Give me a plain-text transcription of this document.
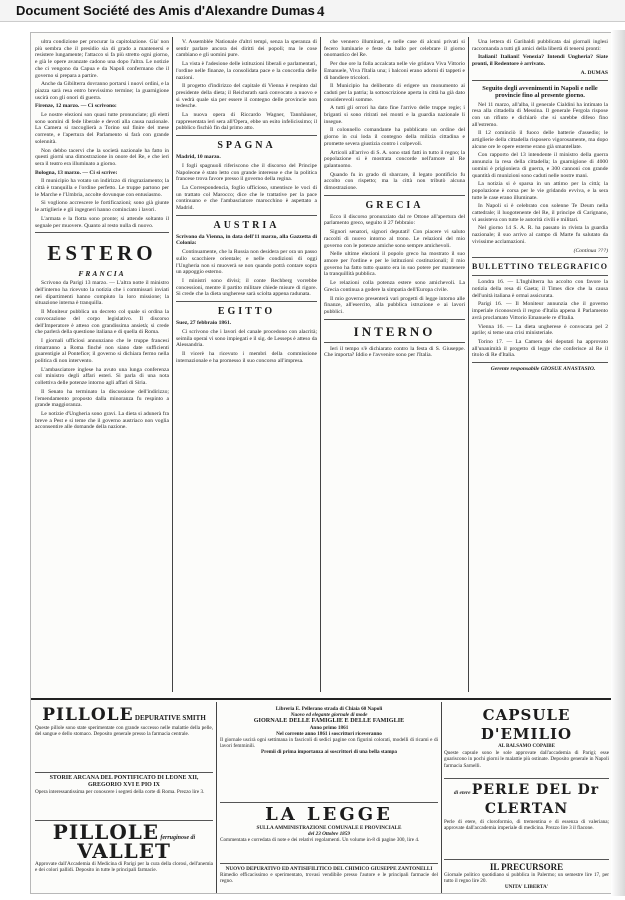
Document Société des Amis d'Alexandre Dumas 4

ultra condizione per procurar la capitolazione. Gia' non più sembra che il presidio sia di grado a mantenersi e resistere lungamente; l'attacco si fa più stretto ogni giorno, e già le opere avanzate cadono una dopo l'altra. Le notizie che ci vengono da Capua e da Napoli confermano che il governo si prepara a partire.

Anche da Gibilterra dovranno portarsi i nuovi ordini, e la piazza sarà resa entro brevissimo termine; la guarnigione uscirà con gli onori di guerra.

Firenze, 12 marzo. — Ci scrivono:

Le nostre elezioni son quasi tutte pronunciate; gli eletti sono uomini di fede liberale e devoti alla causa nazionale. La Camera si raccoglierà a Torino sul finire del mese corrente, e l'apertura del Parlamento si farà con grande solennità.

Non debbo tacervi che la società nazionale ha fatto in questi giorni una dimostrazione in onore del Re, e che ieri sera il teatro era illuminato a giorno.

Bologna, 13 marzo. — Ci si scrive:

Il municipio ha votato un indirizzo di ringraziamento; la città è tranquilla e l'ordine perfetto. Le truppe partono per le Marche e l'Umbria, accolte dovunque con entusiasmo.

Si vogliono accrescere le fortificazioni; sono già giunte le artiglierie e gli ingegneri hanno cominciato i lavori.

L'armata e la flotta sono pronte; si attende soltanto il segnale per muovere. Quanto al resto nulla di nuovo.

ESTERO

FRANCIA

Scrivono da Parigi 13 marzo. — L'altra notte il ministro dell'interno ha ricevuto la notizia che i commissari inviati nei dipartimenti hanno compiuto la loro missione; la situazione interna è tranquilla.

Il Moniteur pubblica un decreto col quale si ordina la convocazione del corpo legislativo. Il discorso dell'Imperatore è atteso con grandissima ansietà; si crede che parlerà della questione italiana e di quella di Roma.

I giornali ufficiosi annunziano che le truppe francesi rimarranno a Roma finché non siano date sufficienti guarentigie al Pontefice; il governo si dichiara fermo nella politica di non intervento.

L'ambasciatore inglese ha avuto una lunga conferenza col ministro degli affari esteri. Si parla di una nota collettiva delle potenze intorno agli affari di Siria.

Il Senato ha terminato la discussione dell'indirizzo; l'emendamento proposto dalla minoranza fu respinto a grande maggioranza.

Le notizie d'Ungheria sono gravi. La dieta si adunerà fra breve a Pest e si teme che il governo austriaco non voglia acconsentire alle domande della nazione.

V. Assemblée Nationale d'altri tempi, senza la speranza di sentir parlare ancora dei diritti dei popoli; ma le cose cambiano e gli uomini pure.

La vista è l'adesione delle istituzioni liberali e parlamentari, l'ordine nelle finanze, la consolidata pace e la concordia delle nazioni.

Il progetto d'indirizzo del capitale di Vienna è respinto dal presidente della dieta; il Reichsrath sarà convocato a nuovo e si vedrà quale sia per essere il contegno delle provincie non tedesche.

La nuova opera di Riccardo Wagner, Tannhäuser, rappresentata ieri sera all'Opera, ebbe un esito infelicissimo; il pubblico fischiò fin dal primo atto.

SPAGNA

Madrid, 10 marzo.

I fogli spagnuoli riferiscono che il discorso del Principe Napoleone è stato letto con grande interesse e che la politica francese trova favore presso il governo della regina.

La Correspondencia, foglio ufficioso, smentisce le voci di un trattato col Marocco; dice che le trattative per la pace continuano e che l'ambasciatore marocchino è aspettato a Madrid.

AUSTRIA

Scrivono da Vienna, in data dell'11 marzo, alla Gazzetta di Colonia:

Continuamente, che la Russia non desidera per ora un passo sullo scacchiere orientale; e nelle condizioni di oggi l'Ungheria non si muoverà se non quando potrà contare sopra un appoggio esterno.

I ministri sono divisi; il conte Rechberg vorrebbe concessioni, mentre il partito militare chiede misure di rigore. Si crede che la dieta ungherese sarà sciolta appena radunata.

EGITTO

Suez, 27 febbraio 1861.

Ci scrivono che i lavori del canale procedono con alacrità; seimila operai vi sono impiegati e il sig. de Lesseps è atteso da Alessandria.

Il vicerè ha ricevuto i membri della commissione internazionale e ha promesso il suo concorso all'impresa.

che vennero illuminati, e nelle case di alcuni privati si fecero luminarie e feste da ballo per celebrare il giorno onomastico del Re.

Per due ore la folla accalcata nelle vie gridava Viva Vittorio Emanuele, Viva l'Italia una; i balconi erano adorni di tappeti e di bandiere tricolori.

Il Municipio ha deliberato di erigere un monumento ai caduti per la patria; la sottoscrizione aperta in città ha già dato considerevoli somme.

A tutti gli orrori ha dato fine l'arrivo delle truppe regie; i briganti si sono ritirati nei monti e la guardia nazionale li insegue.

Il colonnello comandante ha pubblicato un ordine del giorno in cui loda il contegno della milizia cittadina e promette severa giustizia contro i colpevoli.

Articoli all'arrivo di S. A. sono stati fatti in tutto il regno; la popolazione si è mostrata concorde nell'amore al Re galantuomo.

Quando fu in grado di sbarcare, il legato pontificio fu accolto con rispetto; ma la città non tributò alcuna dimostrazione.

GRECIA

Ecco il discorso pronunziato dal re Ottone all'apertura del parlamento greco, seguito il 27 febbraio:

Signori senatori, signori deputati! Con piacere vi saluto raccolti di nuovo intorno al trono. Le relazioni del mio governo con le potenze amiche sono sempre amichevoli.

Nelle ultime elezioni il popolo greco ha mostrato il suo amore per l'ordine e per le istituzioni costituzionali; il mio governo ha fatto tutto quanto era in suo potere per mantenere la tranquillità pubblica.

Le relazioni colla potenza estere sono amichevoli. La Grecia continua a godere la simpatia dell'Europa civile.

Il mio governo presenterà vari progetti di legge intorno alle finanze, all'esercito, alla pubblica istruzione e ai lavori pubblici.

INTERNO

Ieri il tempo s'è dichiarato contro la festa di S. Giuseppe. Che importa? Iddio e l'avvenire sono per l'Italia.

Una lettera di Garibaldi pubblicata dai giornali inglesi raccomanda a tutti gli amici della libertà di tenersi pronti:

Italiani! Italiani! Venezia? Intendi Ungheria? Siate pronti, il Redentore è arrivato.

A. DUMAS

Seguito degli avvenimenti in Napoli e nelle provincie fino al presente giorno.

Nel 11 marzo, all'alba, il generale Cialdini ha intimato la resa alla cittadella di Messina. Il generale Fergola rispose con un rifiuto e dichiarò che si sarebbe difeso fino all'estremo.

Il 12 cominciò il fuoco delle batterie d'assedio; le artiglierie della cittadella risposero vigorosamente, ma dopo alcune ore le opere esterne erano già smantellate.

Con rapporto del 13 intendente il ministro della guerra annunzia la resa della cittadella; la guarnigione di 4000 uomini è prigioniera di guerra, e 300 cannoni con grande quantità di munizioni sono caduti nelle nostre mani.

La notizia si è sparsa in un attimo per la città; la popolazione è corsa per le vie gridando evviva, e la sera tutte le case erano illuminate.

In Napoli si è celebrato con solenne Te Deum nella cattedrale; il luogotenente del Re, il principe di Carignano, vi assisteva con tutte le autorità civili e militari.

Nel giorno 14 S. A. R. ha passato in rivista la guardia nazionale; il suo arrivo al campo di Marte fu salutato da vivissime acclamazioni.

(Continua ???)

BULLETTINO TELEGRAFICO

Londra 16. — L'Inghilterra ha accolto con favore la notizia della resa di Gaeta; il Times dice che la causa dell'unità italiana è ormai assicurata.

Parigi 16. — Il Moniteur annunzia che il governo imperiale riconoscerà il regno d'Italia appena il Parlamento avrà proclamato Vittorio Emanuele re d'Italia.

Vienna 16. — La dieta ungherese è convocata pel 2 aprile; si teme una crisi ministeriale.

Torino 17. — La Camera dei deputati ha approvato all'unanimità il progetto di legge che conferisce al Re il titolo di Re d'Italia.

Gerente responsabile GIOSUE ANASTASIO.

PILLOLE DEPURATIVE SMITH
Queste pillole sono state sperimentate con grande successo nelle malattie della pelle, del sangue e dello stomaco. Deposito generale presso la farmacia centrale.
STORIE ARCANA DEL PONTIFICATO DI LEONE XII, GREGORIO XVI E PIO IX
Opera interessantissima per conoscere i segreti della corte di Roma. Prezzo lire 3.
PILLOLE ferruginose di VALLET
Approvate dall'Accademia di Medicina di Parigi per la cura della clorosi, dell'anemia e dei colori pallidi. Deposito in tutte le principali farmacie.
Libreria E. Pellerano strada di Chiaia 60 Napoli
Nuovo ed elegante giornale di mode
GIORNALE DELLE FAMIGLIE E DELLE FAMIGLIE
Anno primo 1861
Nel corrente anno 1861 i soscrittori riceveranno
Il giornale uscirà ogni settimana in fascicoli di sedici pagine con figurini colorati, modelli di ricami e di lavori femminili.
Premii di prima importanza ai soscrittori di una bella stampa
LA LEGGE
SULLA AMMINISTRAZIONE COMUNALE E PROVINCIALE
del 23 Ottobre 1859
Commentata e corredata di note e dei relativi regolamenti. Un volume in-8 di pagine 300, lire 4.
NUOVO DEPURATIVO ED ANTISIFILITICO DEL CHIMICO GIUSEPPE ZANTONELLI
Rimedio efficacissimo e sperimentato, trovasi vendibile presso l'autore e le principali farmacie del regno.
CAPSULE D'EMILIO
AL BALSAMO COPAIBE
Queste capsule sono le sole approvate dall'accademia di Parigi; esse guariscono in pochi giorni le malattie più ostinate. Deposito generale in Napoli farmacia Sarnelli.
di etere PERLE DEL Dr CLERTAN
Perle di etere, di cloroformio, di trementina e di essenza di valeriana; approvate dall'accademia imperiale di medicina. Prezzo lire 3 il flacone.
IL PRECURSORE
Giornale politico quotidiano si pubblica in Palermo; un semestre lire 17, per tutto il regno lire 20.
UNITA' LIBERTA'
